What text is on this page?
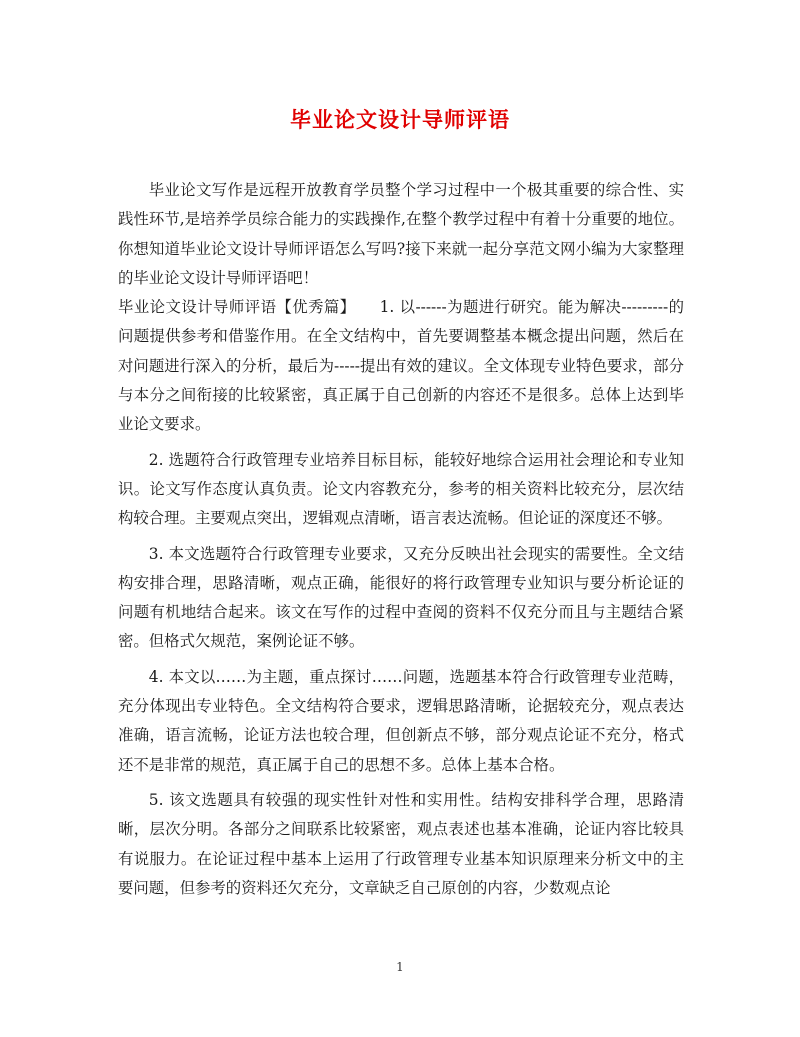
毕业论文设计导师评语

毕业论文写作是远程开放教育学员整个学习过程中一个极其重要的综合性、实践性环节,是培养学员综合能力的实践操作,在整个教学过程中有着十分重要的地位。你想知道毕业论文设计导师评语怎么写吗?接下来就一起分享范文网小编为大家整理的毕业论文设计导师评语吧！

毕业论文设计导师评语【优秀篇】　　1. 以------为题进行研究。能为解决---------的问题提供参考和借鉴作用。在全文结构中，首先要调整基本概念提出问题，然后在对问题进行深入的分析，最后为-----提出有效的建议。全文体现专业特色要求，部分与本分之间衔接的比较紧密，真正属于自己创新的内容还不是很多。总体上达到毕业论文要求。

2. 选题符合行政管理专业培养目标目标，能较好地综合运用社会理论和专业知识。论文写作态度认真负责。论文内容教充分，参考的相关资料比较充分，层次结构较合理。主要观点突出，逻辑观点清晰，语言表达流畅。但论证的深度还不够。

3. 本文选题符合行政管理专业要求，又充分反映出社会现实的需要性。全文结构安排合理，思路清晰，观点正确，能很好的将行政管理专业知识与要分析论证的问题有机地结合起来。该文在写作的过程中查阅的资料不仅充分而且与主题结合紧密。但格式欠规范，案例论证不够。

4. 本文以……为主题，重点探讨……问题，选题基本符合行政管理专业范畴，充分体现出专业特色。全文结构符合要求，逻辑思路清晰，论据较充分，观点表达准确，语言流畅，论证方法也较合理，但创新点不够，部分观点论证不充分，格式还不是非常的规范，真正属于自己的思想不多。总体上基本合格。

5. 该文选题具有较强的现实性针对性和实用性。结构安排科学合理，思路清晰，层次分明。各部分之间联系比较紧密，观点表述也基本准确，论证内容比较具有说服力。在论证过程中基本上运用了行政管理专业基本知识原理来分析文中的主要问题，但参考的资料还欠充分，文章缺乏自己原创的内容，少数观点论

1
